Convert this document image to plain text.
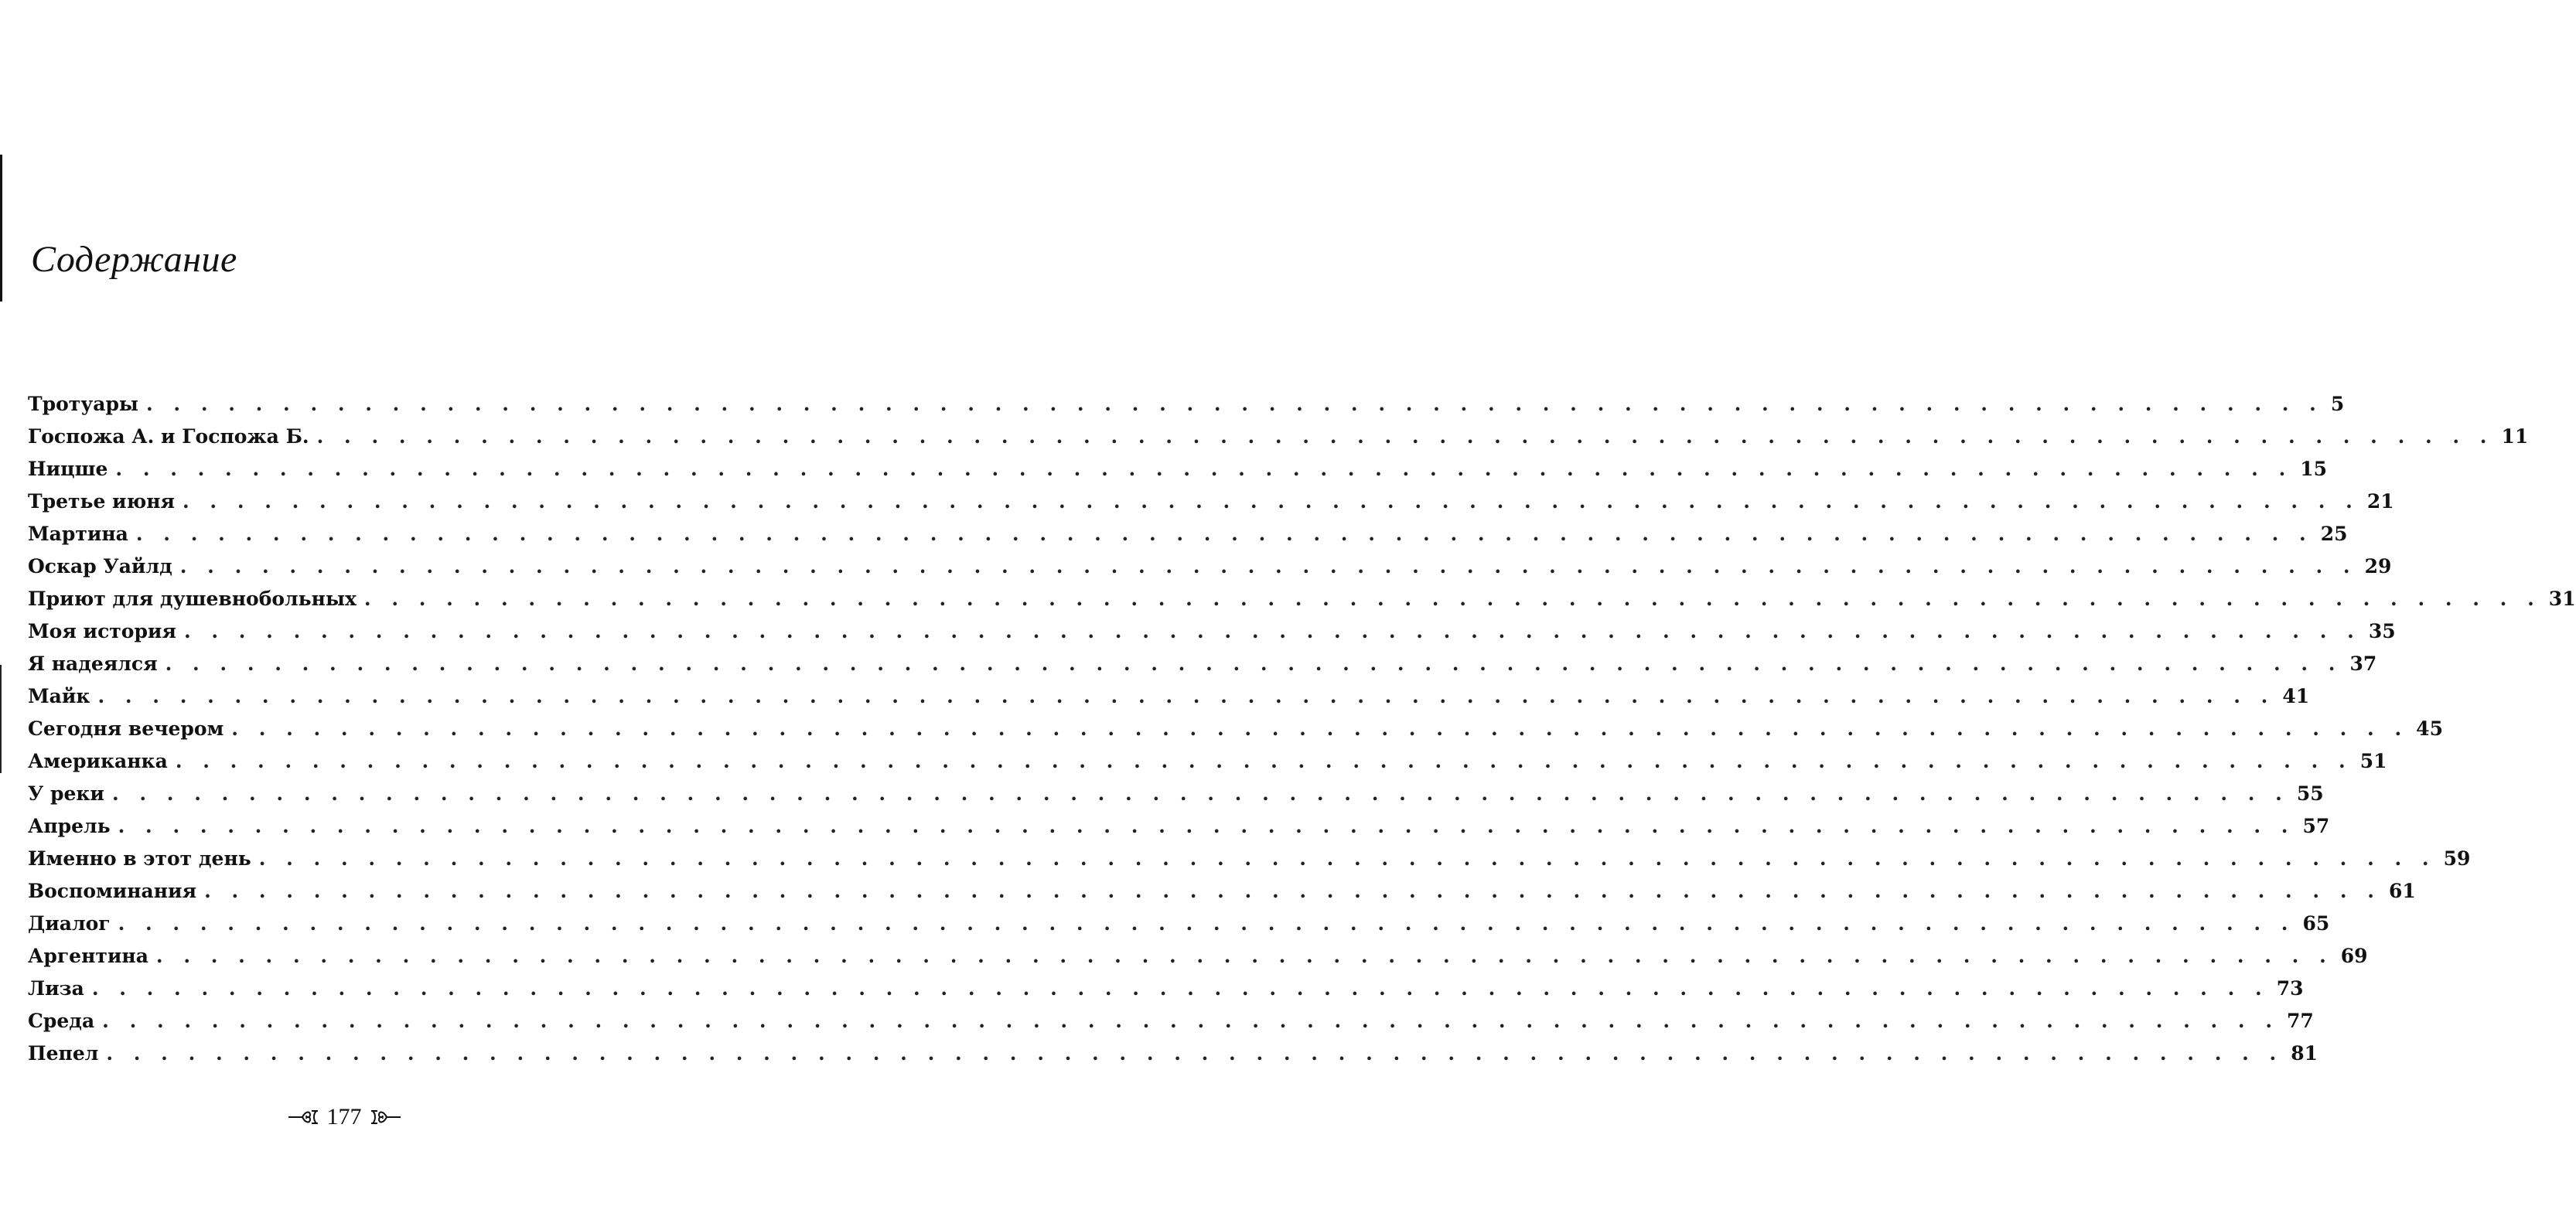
Содержание
Тротуары . . . . . . . . . . . . . . . . . . . . . . . . . . . . . . . . . . . . . . . . . . . . . . . . . . . . . . . . . . . . . . . . . . . . . . . . . . . . . . . . 5
Госпожа А. и Госпожа Б. . . . . . . . . . . . . . . . . . . . . . . . . . . . . . . . . . . . . . . . . . . . . . . . . . . . . . . . . . . . . . . . . . . . . . . . . . . . . . . . . 11
Ницше . . . . . . . . . . . . . . . . . . . . . . . . . . . . . . . . . . . . . . . . . . . . . . . . . . . . . . . . . . . . . . . . . . . . . . . . . . . . . . . . 15
Третье июня . . . . . . . . . . . . . . . . . . . . . . . . . . . . . . . . . . . . . . . . . . . . . . . . . . . . . . . . . . . . . . . . . . . . . . . . . . . . . . . . 21
Мартина . . . . . . . . . . . . . . . . . . . . . . . . . . . . . . . . . . . . . . . . . . . . . . . . . . . . . . . . . . . . . . . . . . . . . . . . . . . . . . . . 25
Оскар Уайлд . . . . . . . . . . . . . . . . . . . . . . . . . . . . . . . . . . . . . . . . . . . . . . . . . . . . . . . . . . . . . . . . . . . . . . . . . . . . . . . . 29
Приют для душевнобольных . . . . . . . . . . . . . . . . . . . . . . . . . . . . . . . . . . . . . . . . . . . . . . . . . . . . . . . . . . . . . . . . . . . . . . . . . . . . . . . . 31
Моя история . . . . . . . . . . . . . . . . . . . . . . . . . . . . . . . . . . . . . . . . . . . . . . . . . . . . . . . . . . . . . . . . . . . . . . . . . . . . . . . . 35
Я надеялся . . . . . . . . . . . . . . . . . . . . . . . . . . . . . . . . . . . . . . . . . . . . . . . . . . . . . . . . . . . . . . . . . . . . . . . . . . . . . . . . 37
Майк . . . . . . . . . . . . . . . . . . . . . . . . . . . . . . . . . . . . . . . . . . . . . . . . . . . . . . . . . . . . . . . . . . . . . . . . . . . . . . . . 41
Сегодня вечером . . . . . . . . . . . . . . . . . . . . . . . . . . . . . . . . . . . . . . . . . . . . . . . . . . . . . . . . . . . . . . . . . . . . . . . . . . . . . . . . 45
Американка . . . . . . . . . . . . . . . . . . . . . . . . . . . . . . . . . . . . . . . . . . . . . . . . . . . . . . . . . . . . . . . . . . . . . . . . . . . . . . . . 51
У реки . . . . . . . . . . . . . . . . . . . . . . . . . . . . . . . . . . . . . . . . . . . . . . . . . . . . . . . . . . . . . . . . . . . . . . . . . . . . . . . . 55
Апрель . . . . . . . . . . . . . . . . . . . . . . . . . . . . . . . . . . . . . . . . . . . . . . . . . . . . . . . . . . . . . . . . . . . . . . . . . . . . . . . . 57
Именно в этот день . . . . . . . . . . . . . . . . . . . . . . . . . . . . . . . . . . . . . . . . . . . . . . . . . . . . . . . . . . . . . . . . . . . . . . . . . . . . . . . . 59
Воспоминания . . . . . . . . . . . . . . . . . . . . . . . . . . . . . . . . . . . . . . . . . . . . . . . . . . . . . . . . . . . . . . . . . . . . . . . . . . . . . . . . 61
Диалог . . . . . . . . . . . . . . . . . . . . . . . . . . . . . . . . . . . . . . . . . . . . . . . . . . . . . . . . . . . . . . . . . . . . . . . . . . . . . . . . 65
Аргентина . . . . . . . . . . . . . . . . . . . . . . . . . . . . . . . . . . . . . . . . . . . . . . . . . . . . . . . . . . . . . . . . . . . . . . . . . . . . . . . . 69
Лиза . . . . . . . . . . . . . . . . . . . . . . . . . . . . . . . . . . . . . . . . . . . . . . . . . . . . . . . . . . . . . . . . . . . . . . . . . . . . . . . . 73
Среда . . . . . . . . . . . . . . . . . . . . . . . . . . . . . . . . . . . . . . . . . . . . . . . . . . . . . . . . . . . . . . . . . . . . . . . . . . . . . . . . 77
Пепел . . . . . . . . . . . . . . . . . . . . . . . . . . . . . . . . . . . . . . . . . . . . . . . . . . . . . . . . . . . . . . . . . . . . . . . . . . . . . . . . 81
177
